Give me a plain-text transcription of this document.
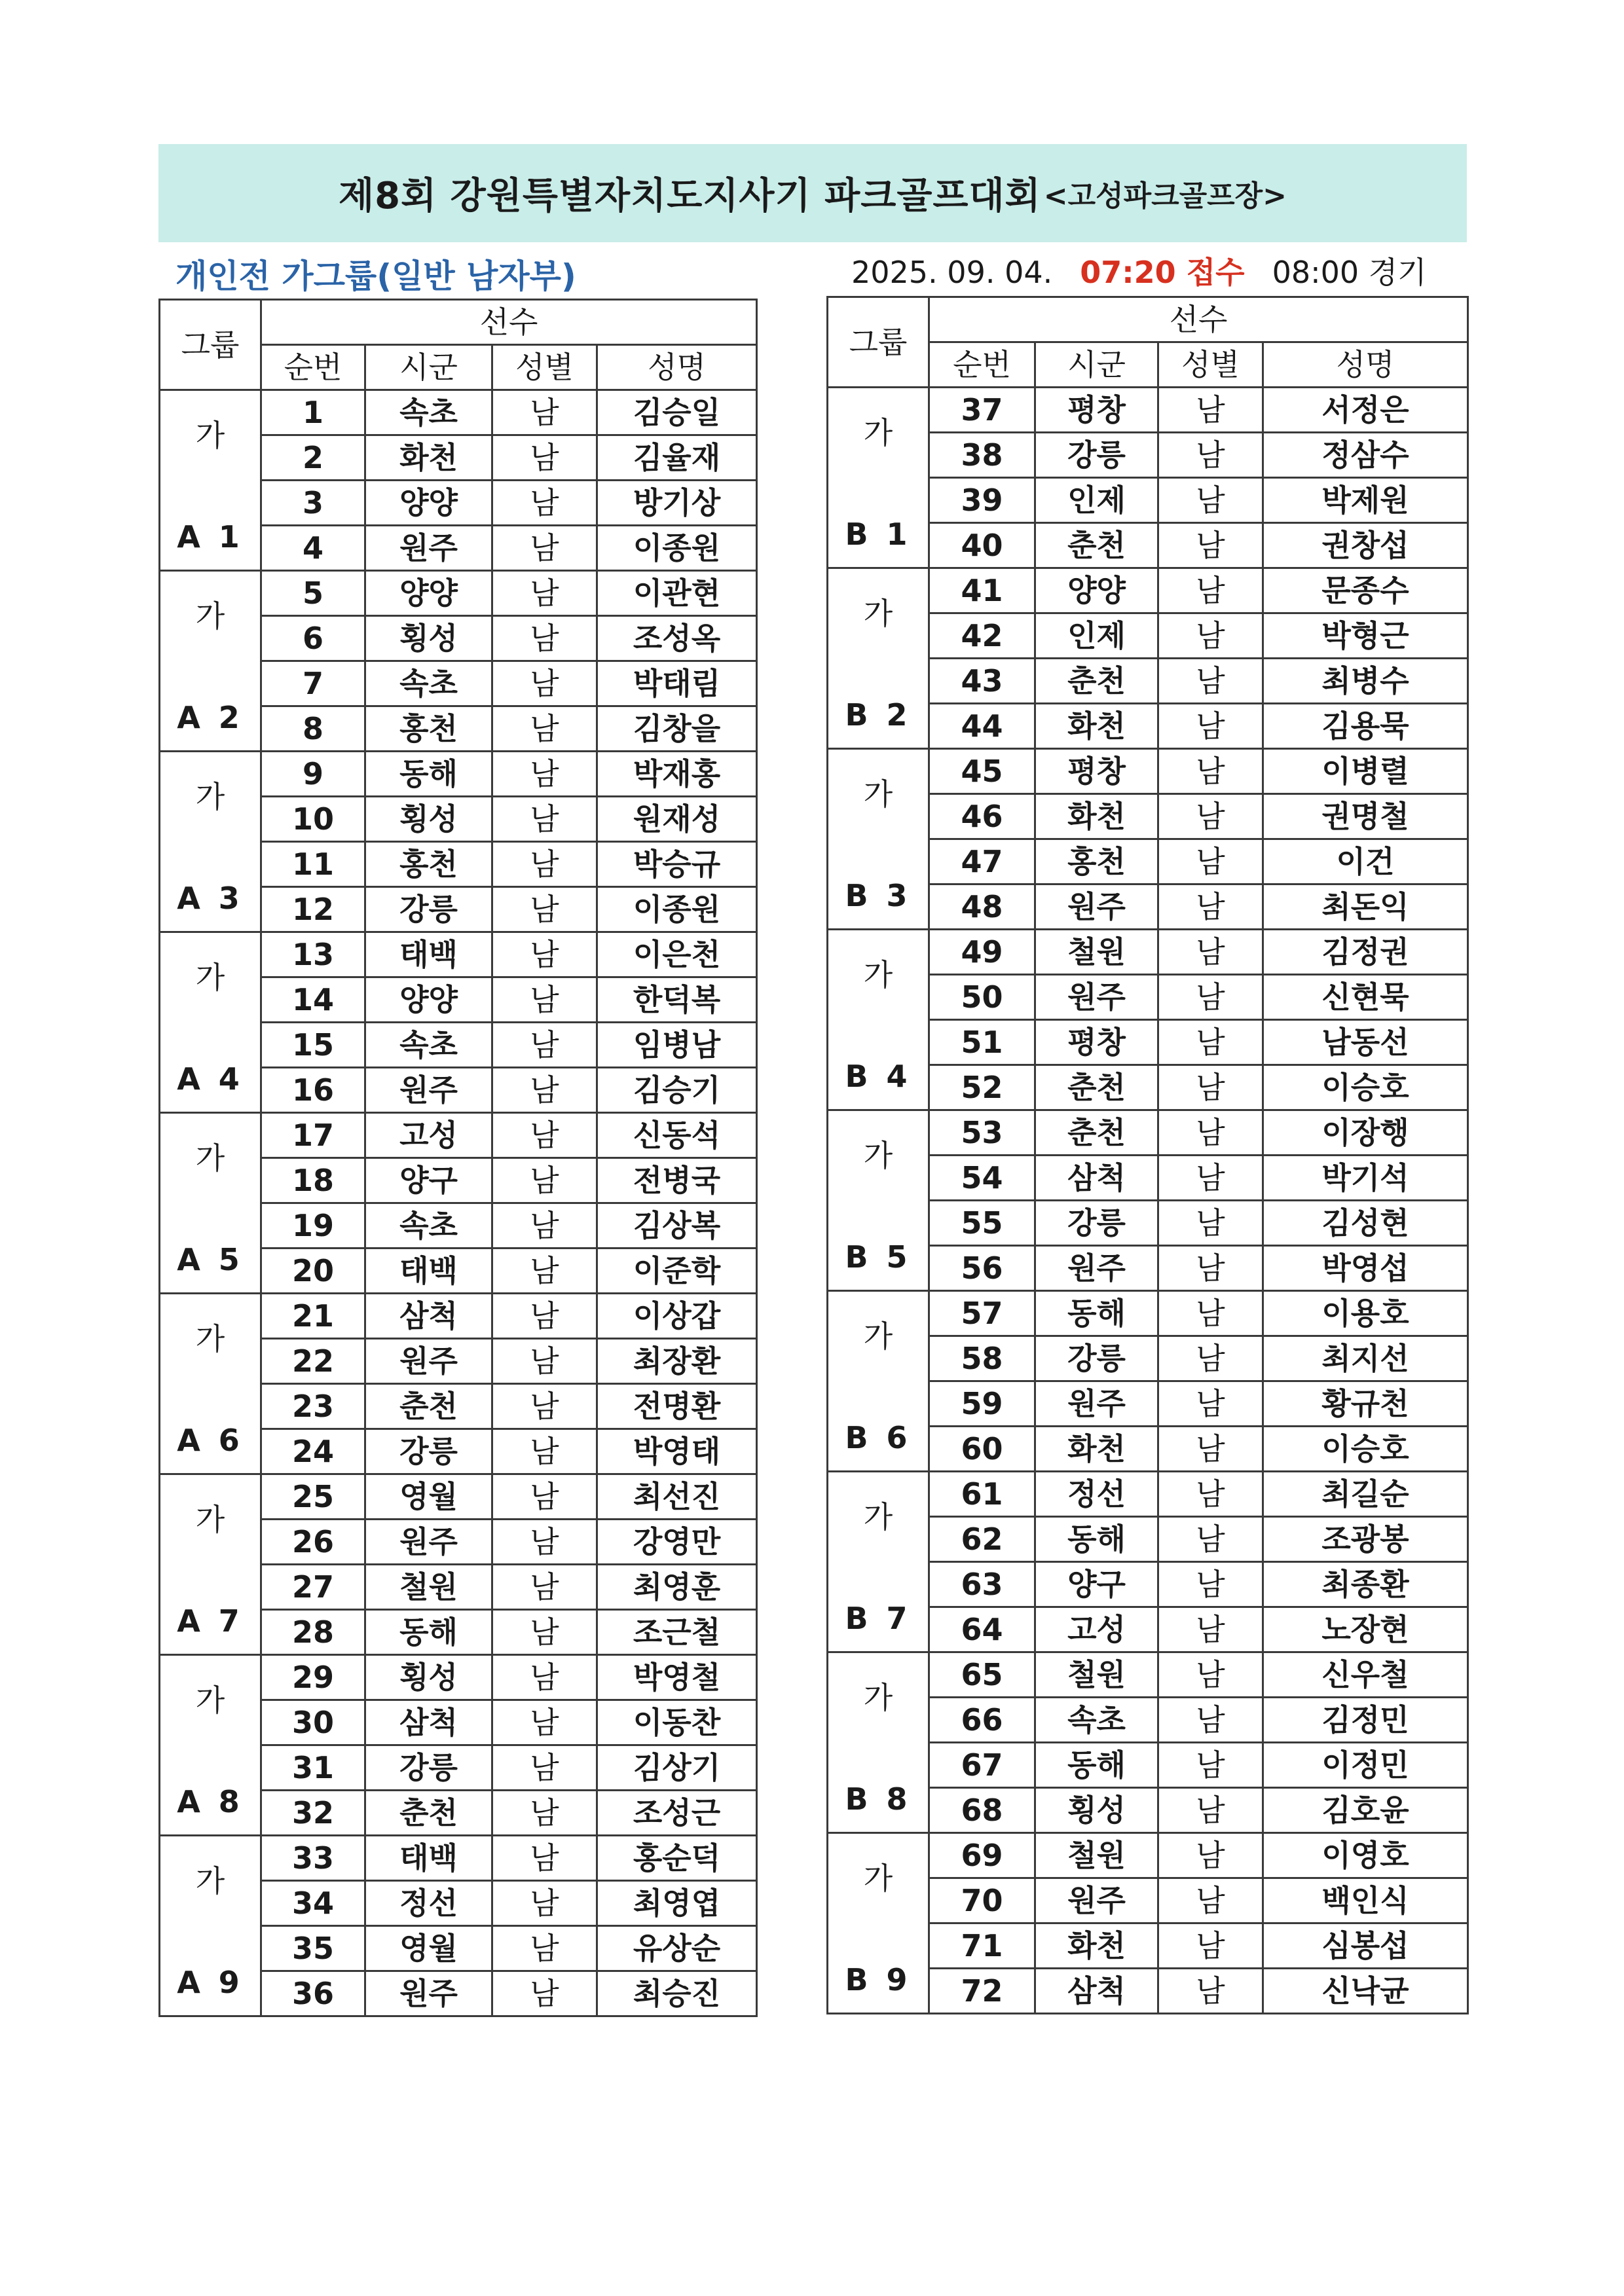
제8회 강원특별자치도지사기 파크골프대회 <고성파크골프장>
개인전 가그룹(일반 남자부)	2025. 09. 04. 07:20 접수 08:00 경기
그룹	선수			
	순번	시군	성별	성명

가
A 1	1	속초	남	김승일
	2	화천	남	김율재
	3	양양	남	방기상
	4	원주	남	이종원

가
A 2	5	양양	남	이관현
	6	횡성	남	조성옥
	7	속초	남	박태림
	8	홍천	남	김창을

가
A 3	9	동해	남	박재홍
	10	횡성	남	원재성
	11	홍천	남	박승규
	12	강릉	남	이종원

가
A 4	13	태백	남	이은천
	14	양양	남	한덕복
	15	속초	남	임병남
	16	원주	남	김승기

가
A 5	17	고성	남	신동석
	18	양구	남	전병국
	19	속초	남	김상복
	20	태백	남	이준학

가
A 6	21	삼척	남	이상갑
	22	원주	남	최장환
	23	춘천	남	전명환
	24	강릉	남	박영태

가
A 7	25	영월	남	최선진
	26	원주	남	강영만
	27	철원	남	최영훈
	28	동해	남	조근철

가
A 8	29	횡성	남	박영철
	30	삼척	남	이동찬
	31	강릉	남	김상기
	32	춘천	남	조성근

가
A 9	33	태백	남	홍순덕
	34	정선	남	최영엽
	35	영월	남	유상순
	36	원주	남	최승진
그룹	선수			
	순번	시군	성별	성명

가
B 1	37	평창	남	서정은
	38	강릉	남	정삼수
	39	인제	남	박제원
	40	춘천	남	권창섭

가
B 2	41	양양	남	문종수
	42	인제	남	박형근
	43	춘천	남	최병수
	44	화천	남	김용묵

가
B 3	45	평창	남	이병렬
	46	화천	남	권명철
	47	홍천	남	이건
	48	원주	남	최돈익

가
B 4	49	철원	남	김정권
	50	원주	남	신현묵
	51	평창	남	남동선
	52	춘천	남	이승호

가
B 5	53	춘천	남	이장행
	54	삼척	남	박기석
	55	강릉	남	김성현
	56	원주	남	박영섭

가
B 6	57	동해	남	이용호
	58	강릉	남	최지선
	59	원주	남	황규천
	60	화천	남	이승호

가
B 7	61	정선	남	최길순
	62	동해	남	조광봉
	63	양구	남	최종환
	64	고성	남	노장현

가
B 8	65	철원	남	신우철
	66	속초	남	김정민
	67	동해	남	이정민
	68	횡성	남	김호윤

가
B 9	69	철원	남	이영호
	70	원주	남	백인식
	71	화천	남	심봉섭
	72	삼척	남	신낙균
